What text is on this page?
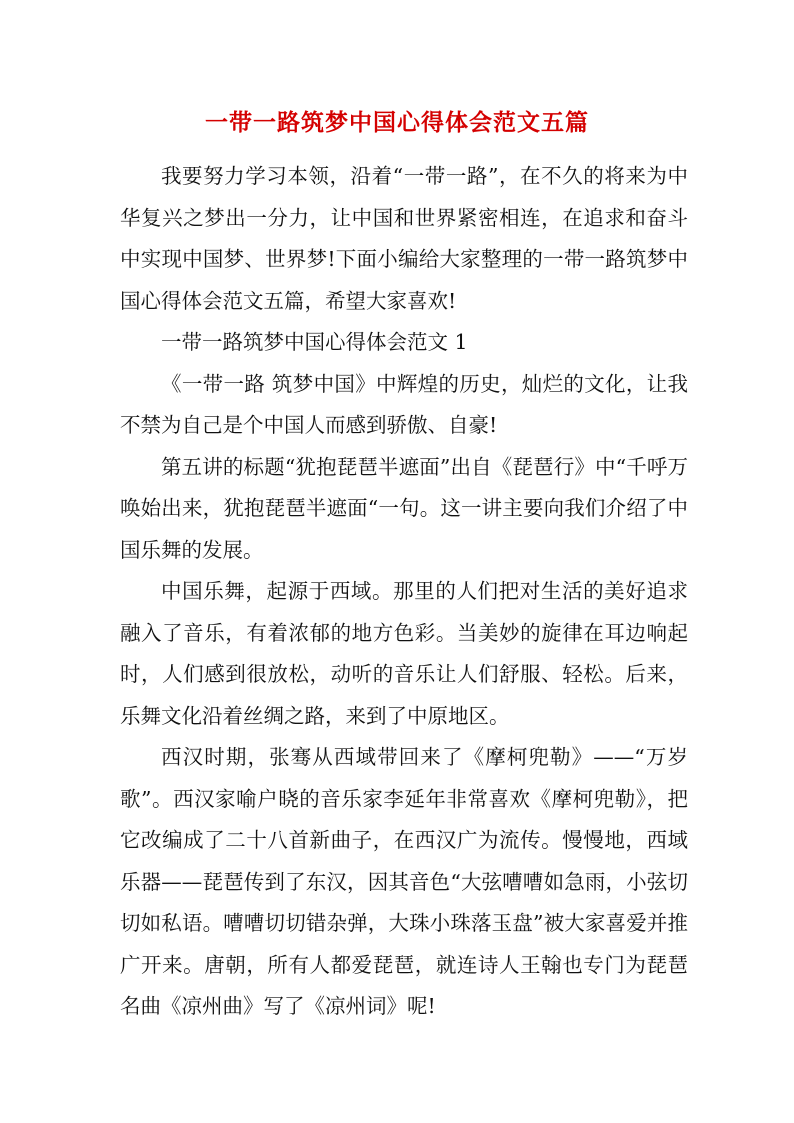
一带一路筑梦中国心得体会范文五篇

我要努力学习本领，沿着“一带一路”，在不久的将来为中华复兴之梦出一分力，让中国和世界紧密相连，在追求和奋斗中实现中国梦、世界梦!下面小编给大家整理的一带一路筑梦中国心得体会范文五篇，希望大家喜欢!

一带一路筑梦中国心得体会范文 1

《一带一路 筑梦中国》中辉煌的历史，灿烂的文化，让我不禁为自己是个中国人而感到骄傲、自豪!

第五讲的标题“犹抱琵琶半遮面”出自《琵琶行》中“千呼万唤始出来，犹抱琵琶半遮面“一句。这一讲主要向我们介绍了中国乐舞的发展。

中国乐舞，起源于西域。那里的人们把对生活的美好追求融入了音乐，有着浓郁的地方色彩。当美妙的旋律在耳边响起时，人们感到很放松，动听的音乐让人们舒服、轻松。后来，乐舞文化沿着丝绸之路，来到了中原地区。

西汉时期，张骞从西域带回来了《摩柯兜勒》——“万岁歌”。西汉家喻户晓的音乐家李延年非常喜欢《摩柯兜勒》，把它改编成了二十八首新曲子，在西汉广为流传。慢慢地，西域乐器——琵琶传到了东汉，因其音色“大弦嘈嘈如急雨，小弦切切如私语。嘈嘈切切错杂弹，大珠小珠落玉盘”被大家喜爱并推广开来。唐朝，所有人都爱琵琶，就连诗人王翰也专门为琵琶名曲《凉州曲》写了《凉州词》呢!
